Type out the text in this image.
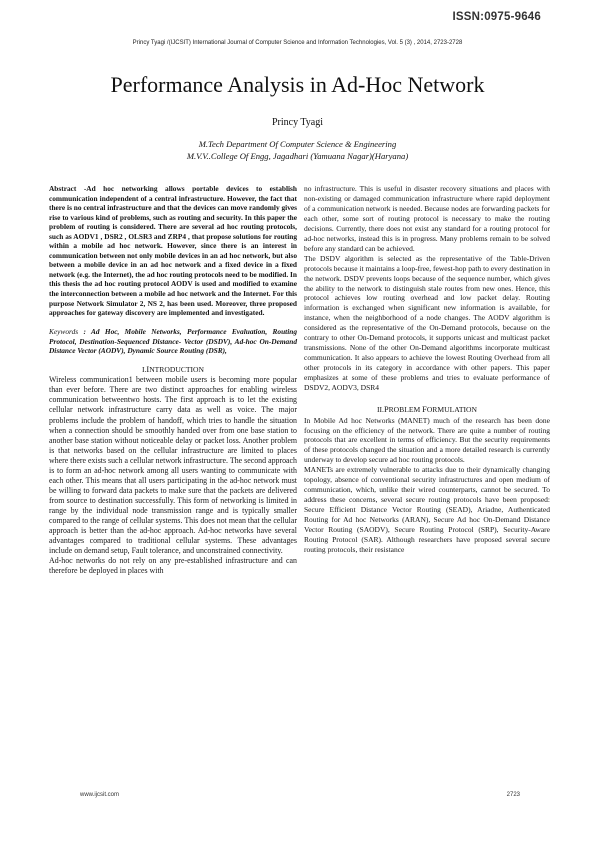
ISSN:0975-9646
Princy Tyagi /(IJCSIT) International Journal of Computer Science and Information Technologies, Vol. 5 (3) , 2014, 2723-2728
Performance Analysis in Ad-Hoc Network
Princy Tyagi
M.Tech Department Of Computer Science & Engineering
M.V.V..College Of Engg, Jagadhari (Yamuana Nagar)(Haryana)

Abstract -Ad hoc networking allows portable devices to establish communication independent of a central infrastructure. However, the fact that there is no central infrastructure and that the devices can move randomly gives rise to various kind of problems, such as routing and security. In this paper the problem of routing is considered. There are several ad hoc routing protocols, such as AODV1 , DSR2 , OLSR3 and ZRP4 , that propose solutions for routing within a mobile ad hoc network. However, since there is an interest in communication between not only mobile devices in an ad hoc network, but also between a mobile device in an ad hoc network and a fixed device in a fixed network (e.g. the Internet), the ad hoc routing protocols need to be modified. In this thesis the ad hoc routing protocol AODV is used and modified to examine the interconnection between a mobile ad hoc network and the Internet. For this purpose Network Simulator 2, NS 2, has been used. Moreover, three proposed approaches for gateway discovery are implemented and investigated.

Keywords : Ad Hoc, Mobile Networks, Performance Evaluation, Routing Protocol, Destination-Sequenced Distance- Vector (DSDV), Ad-hoc On-Demand Distance Vector (AODV), Dynamic Source Routing (DSR),

I.INTRODUCTION

Wireless communication1 between mobile users is becoming more popular than ever before. There are two distinct approaches for enabling wireless communication betweentwo hosts. The first approach is to let the existing cellular network infrastructure carry data as well as voice. The major problems include the problem of handoff, which tries to handle the situation when a connection should be smoothly handed over from one base station to another base station without noticeable delay or packet loss. Another problem is that networks based on the cellular infrastructure are limited to places where there exists such a cellular network infrastructure. The second approach is to form an ad-hoc network among all users wanting to communicate with each other. This means that all users participating in the ad-hoc network must be willing to forward data packets to make sure that the packets are delivered from source to destination successfully. This form of networking is limited in range by the individual node transmission range and is typically smaller compared to the range of cellular systems. This does not mean that the cellular approach is better than the ad-hoc approach. Ad-hoc networks have several advantages compared to traditional cellular systems. These advantages include on demand setup, Fault tolerance, and unconstrained connectivity.

Ad-hoc networks do not rely on any pre-established infrastructure and can therefore be deployed in places with

no infrastructure. This is useful in disaster recovery situations and places with non-existing or damaged communication infrastructure where rapid deployment of a communication network is needed. Because nodes are forwarding packets for each other, some sort of routing protocol is necessary to make the routing decisions. Currently, there does not exist any standard for a routing protocol for ad-hoc networks, instead this is in progress. Many problems remain to be solved before any standard can be achieved.

The DSDV algorithm is selected as the representative of the Table-Driven protocols because it maintains a loop-free, fewest-hop path to every destination in the network. DSDV prevents loops because of the sequence number, which gives the ability to the network to distinguish stale routes from new ones. Hence, this protocol achieves low routing overhead and low packet delay. Routing information is exchanged when significant new information is available, for instance, when the neighborhood of a node changes. The AODV algorithm is considered as the representative of the On-Demand protocols, because on the contrary to other On-Demand protocols, it supports unicast and multicast packet transmissions. None of the other On-Demand algorithms incorporate multicast communication. It also appears to achieve the lowest Routing Overhead from all other protocols in its category in accordance with other papers. This paper emphasizes at some of these problems and tries to evaluate performance of DSDV2, AODV3, DSR4

II.PROBLEM FORMULATION

In Mobile Ad hoc Networks (MANET) much of the research has been done focusing on the efficiency of the network. There are quite a number of routing protocols that are excellent in terms of efficiency. But the security requirements of these protocols changed the situation and a more detailed research is currently underway to develop secure ad hoc routing protocols.

MANETs are extremely vulnerable to attacks due to their dynamically changing topology, absence of conventional security infrastructures and open medium of communication, which, unlike their wired counterparts, cannot be secured. To address these concerns, several secure routing protocols have been proposed: Secure Efficient Distance Vector Routing (SEAD), Ariadne, Authenticated Routing for Ad hoc Networks (ARAN), Secure Ad hoc On-Demand Distance Vector Routing (SAODV), Secure Routing Protocol (SRP), Security-Aware Routing Protocol (SAR). Although researchers have proposed several secure routing protocols, their resistance

www.ijcsit.com	2723
